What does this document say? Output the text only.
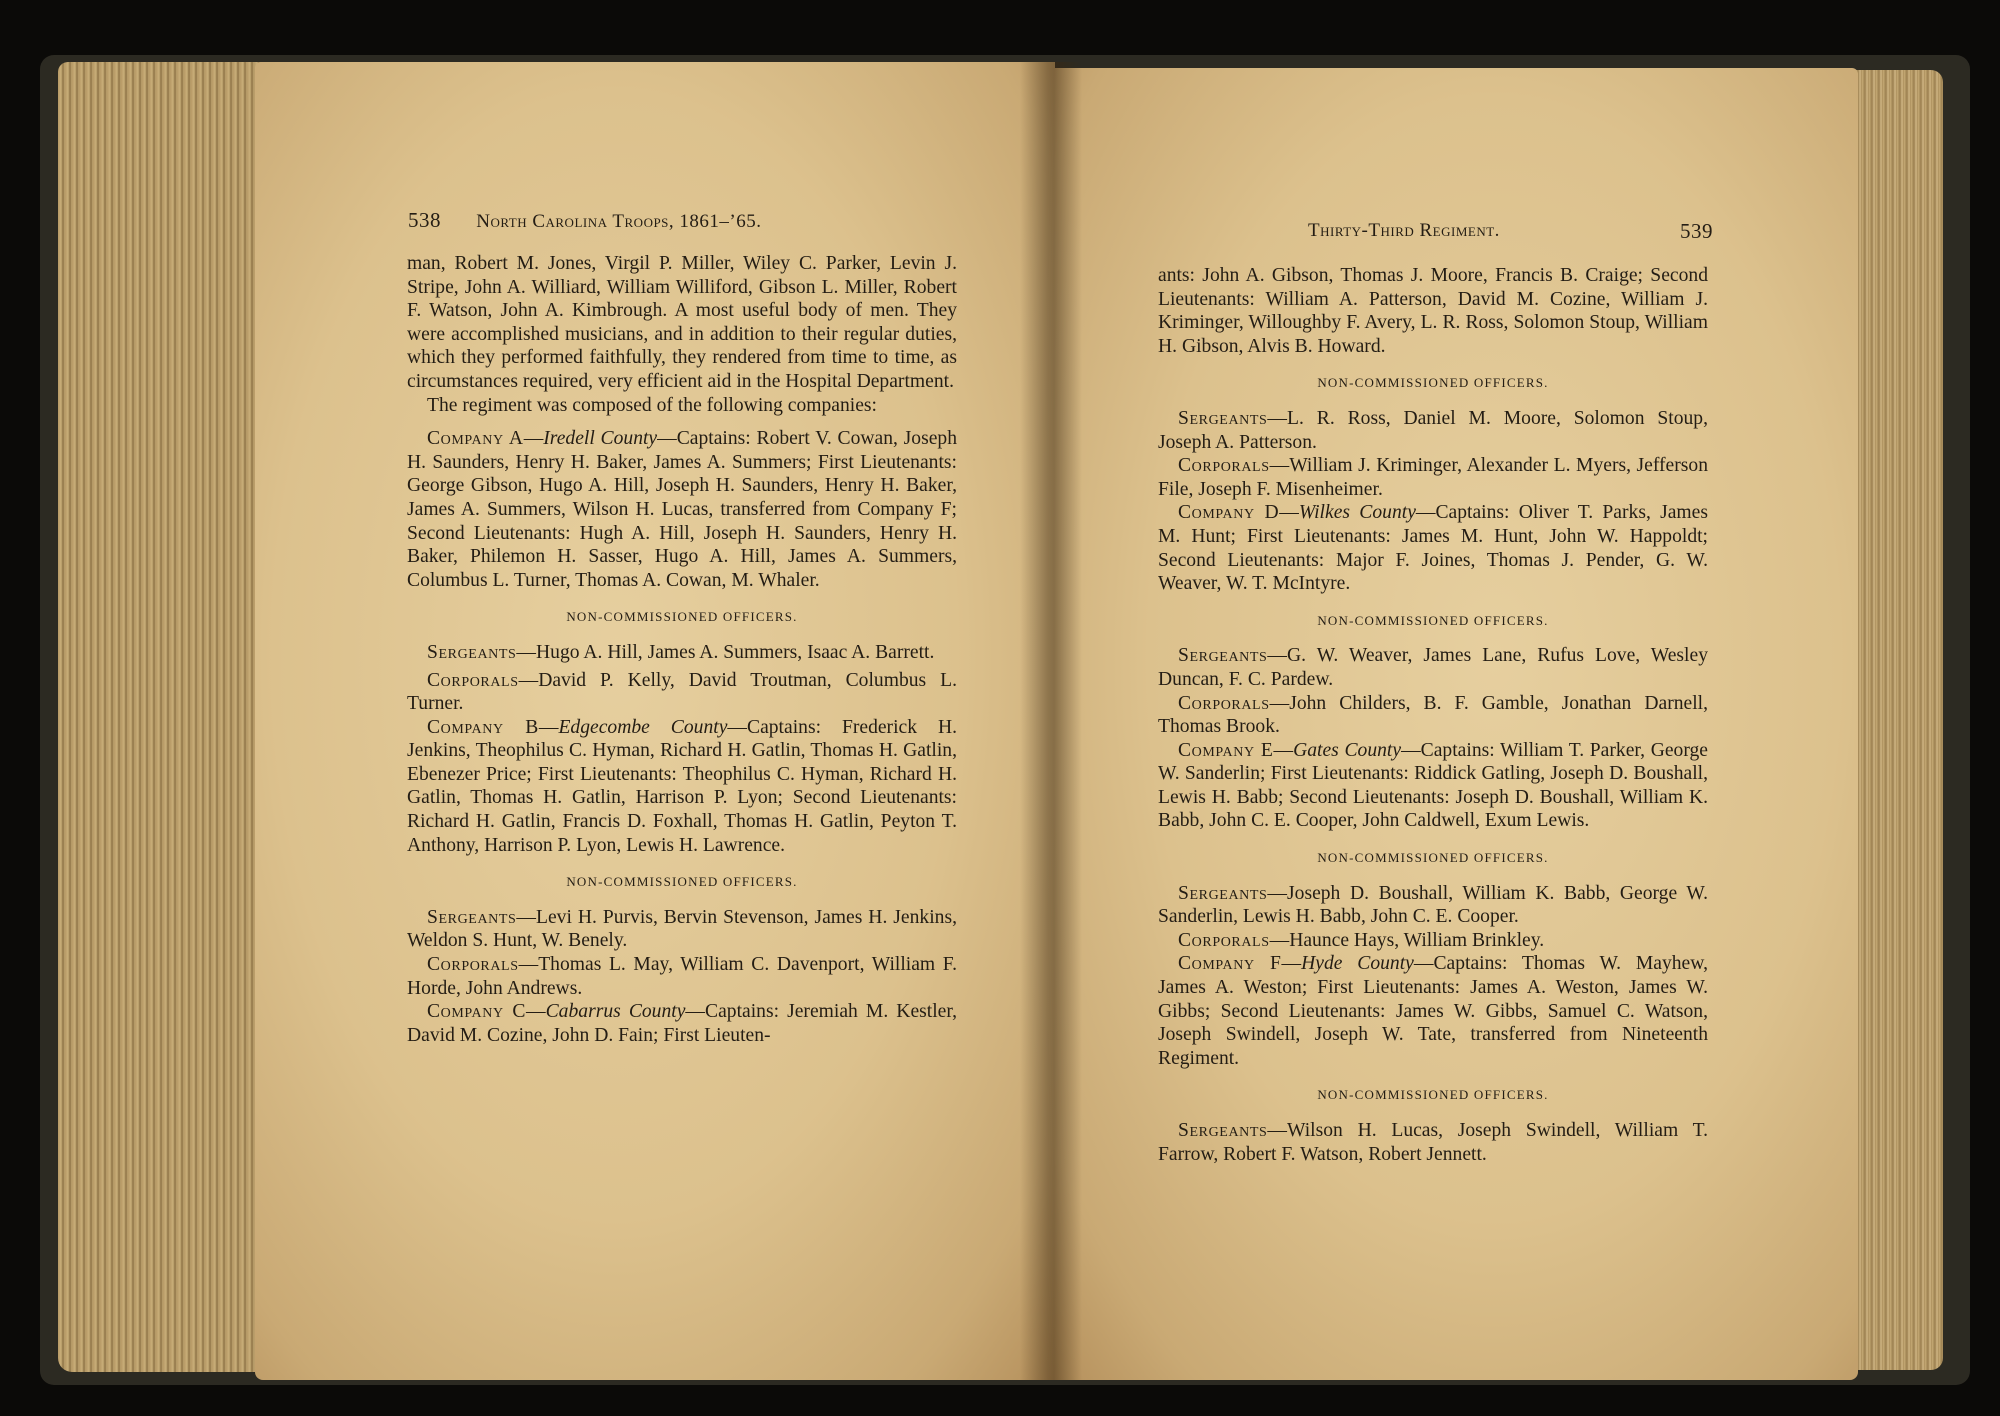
538 North Carolina Troops, 1861–’65.

man, Robert M. Jones, Virgil P. Miller, Wiley C. Parker, Levin J. Stripe, John A. Williard, William Williford, Gibson L. Miller, Robert F. Watson, John A. Kimbrough. A most useful body of men. They were accomplished musicians, and in addition to their regular duties, which they performed faithfully, they rendered from time to time, as circumstances required, very efficient aid in the Hospital Department.

The regiment was composed of the following companies:

Company A—Iredell County—Captains: Robert V. Cowan, Joseph H. Saunders, Henry H. Baker, James A. Summers; First Lieutenants: George Gibson, Hugo A. Hill, Joseph H. Saunders, Henry H. Baker, James A. Summers, Wilson H. Lucas, transferred from Company F; Second Lieutenants: Hugh A. Hill, Joseph H. Saunders, Henry H. Baker, Philemon H. Sasser, Hugo A. Hill, James A. Summers, Columbus L. Turner, Thomas A. Cowan, M. Whaler.

NON-COMMISSIONED OFFICERS.

Sergeants—Hugo A. Hill, James A. Summers, Isaac A. Barrett.

Corporals—David P. Kelly, David Troutman, Columbus L. Turner.

Company B—Edgecombe County—Captains: Frederick H. Jenkins, Theophilus C. Hyman, Richard H. Gatlin, Thomas H. Gatlin, Ebenezer Price; First Lieutenants: Theophilus C. Hyman, Richard H. Gatlin, Thomas H. Gatlin, Harrison P. Lyon; Second Lieutenants: Richard H. Gatlin, Francis D. Foxhall, Thomas H. Gatlin, Peyton T. Anthony, Harrison P. Lyon, Lewis H. Lawrence.

NON-COMMISSIONED OFFICERS.

Sergeants—Levi H. Purvis, Bervin Stevenson, James H. Jenkins, Weldon S. Hunt, W. Benely.

Corporals—Thomas L. May, William C. Davenport, William F. Horde, John Andrews.

Company C—Cabarrus County—Captains: Jeremiah M. Kestler, David M. Cozine, John D. Fain; First Lieuten-

Thirty-Third Regiment.	539

ants: John A. Gibson, Thomas J. Moore, Francis B. Craige; Second Lieutenants: William A. Patterson, David M. Cozine, William J. Kriminger, Willoughby F. Avery, L. R. Ross, Solomon Stoup, William H. Gibson, Alvis B. Howard.

NON-COMMISSIONED OFFICERS.

Sergeants—L. R. Ross, Daniel M. Moore, Solomon Stoup, Joseph A. Patterson.

Corporals—William J. Kriminger, Alexander L. Myers, Jefferson File, Joseph F. Misenheimer.

Company D—Wilkes County—Captains: Oliver T. Parks, James M. Hunt; First Lieutenants: James M. Hunt, John W. Happoldt; Second Lieutenants: Major F. Joines, Thomas J. Pender, G. W. Weaver, W. T. McIntyre.

NON-COMMISSIONED OFFICERS.

Sergeants—G. W. Weaver, James Lane, Rufus Love, Wesley Duncan, F. C. Pardew.

Corporals—John Childers, B. F. Gamble, Jonathan Darnell, Thomas Brook.

Company E—Gates County—Captains: William T. Parker, George W. Sanderlin; First Lieutenants: Riddick Gatling, Joseph D. Boushall, Lewis H. Babb; Second Lieutenants: Joseph D. Boushall, William K. Babb, John C. E. Cooper, John Caldwell, Exum Lewis.

NON-COMMISSIONED OFFICERS.

Sergeants—Joseph D. Boushall, William K. Babb, George W. Sanderlin, Lewis H. Babb, John C. E. Cooper.

Corporals—Haunce Hays, William Brinkley.

Company F—Hyde County—Captains: Thomas W. Mayhew, James A. Weston; First Lieutenants: James A. Weston, James W. Gibbs; Second Lieutenants: James W. Gibbs, Samuel C. Watson, Joseph Swindell, Joseph W. Tate, transferred from Nineteenth Regiment.

NON-COMMISSIONED OFFICERS.

Sergeants—Wilson H. Lucas, Joseph Swindell, William T. Farrow, Robert F. Watson, Robert Jennett.
